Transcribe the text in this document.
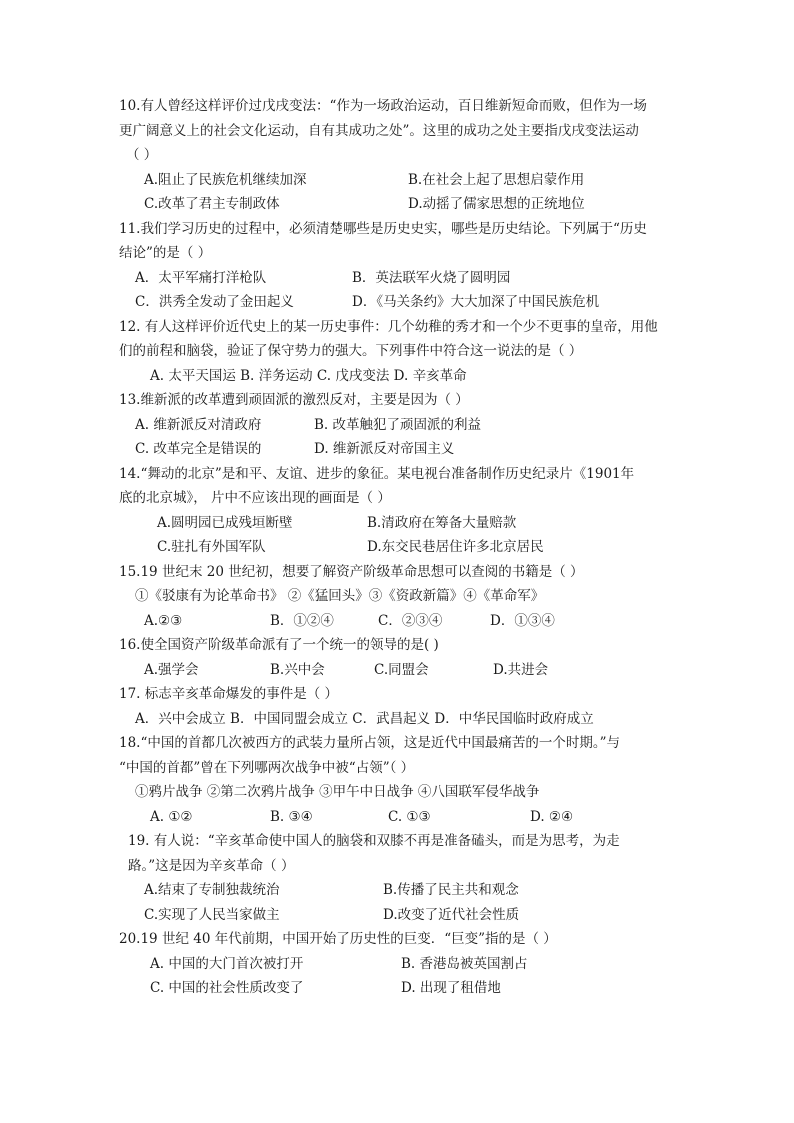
10.有人曾经这样评价过戊戌变法：“作为一场政治运动，百日维新短命而败，但作为一场
更广阔意义上的社会文化运动，自有其成功之处”。这里的成功之处主要指戊戌变法运动
（ ）
A.阻止了民族危机继续加深	B.在社会上起了思想启蒙作用
C.改革了君主专制政体	D.动摇了儒家思想的正统地位
11.我们学习历史的过程中，必须清楚哪些是历史史实，哪些是历史结论。下列属于“历史
结论”的是（ ）
A．太平军痛打洋枪队	B．英法联军火烧了圆明园
C．洪秀全发动了金田起义	D．《马关条约》大大加深了中国民族危机
12. 有人这样评价近代史上的某一历史事件：几个幼稚的秀才和一个少不更事的皇帝，用他
们的前程和脑袋，验证了保守势力的强大。下列事件中符合这一说法的是（ ）
A. 太平天国运 B. 洋务运动 C. 戊戌变法 D. 辛亥革命
13.维新派的改革遭到顽固派的激烈反对，主要是因为（ ）
A. 维新派反对清政府	B. 改革触犯了顽固派的利益
C. 改革完全是错误的	D. 维新派反对帝国主义
14.“舞动的北京”是和平、友谊、进步的象征。某电视台准备制作历史纪录片《1901年
底的北京城》， 片中不应该出现的画面是（ ）
A.圆明园已成残垣断壁	B.清政府在筹备大量赔款
C.驻扎有外国军队	D.东交民巷居住许多北京居民
15.19 世纪末 20 世纪初，想要了解资产阶级革命思想可以查阅的书籍是（ ）
①《驳康有为论革命书》 ②《猛回头》③《资政新篇》④《革命军》
A.②③	B．①②④	C．②③④	D．①③④
16.使全国资产阶级革命派有了一个统一的领导的是( )
A.强学会	B.兴中会	C.同盟会	D.共进会
17. 标志辛亥革命爆发的事件是（ ）
A．兴中会成立 B．中国同盟会成立 C．武昌起义 D．中华民国临时政府成立
18.“中国的首都几次被西方的武装力量所占领，这是近代中国最痛苦的一个时期。”与
“中国的首都”曾在下列哪两次战争中被“占领”（ ）
①鸦片战争 ②第二次鸦片战争 ③甲午中日战争 ④八国联军侵华战争
A. ①②	B. ③④	C. ①③	D. ②④
19. 有人说：“辛亥革命使中国人的脑袋和双膝不再是准备磕头，而是为思考，为走
路。”这是因为辛亥革命（ ）
A.结束了专制独裁统治	B.传播了民主共和观念
C.实现了人民当家做主	D.改变了近代社会性质
20.19 世纪 40 年代前期，中国开始了历史性的巨变．“巨变”指的是（ ）
A. 中国的大门首次被打开	B. 香港岛被英国割占
C. 中国的社会性质改变了	D. 出现了租借地
